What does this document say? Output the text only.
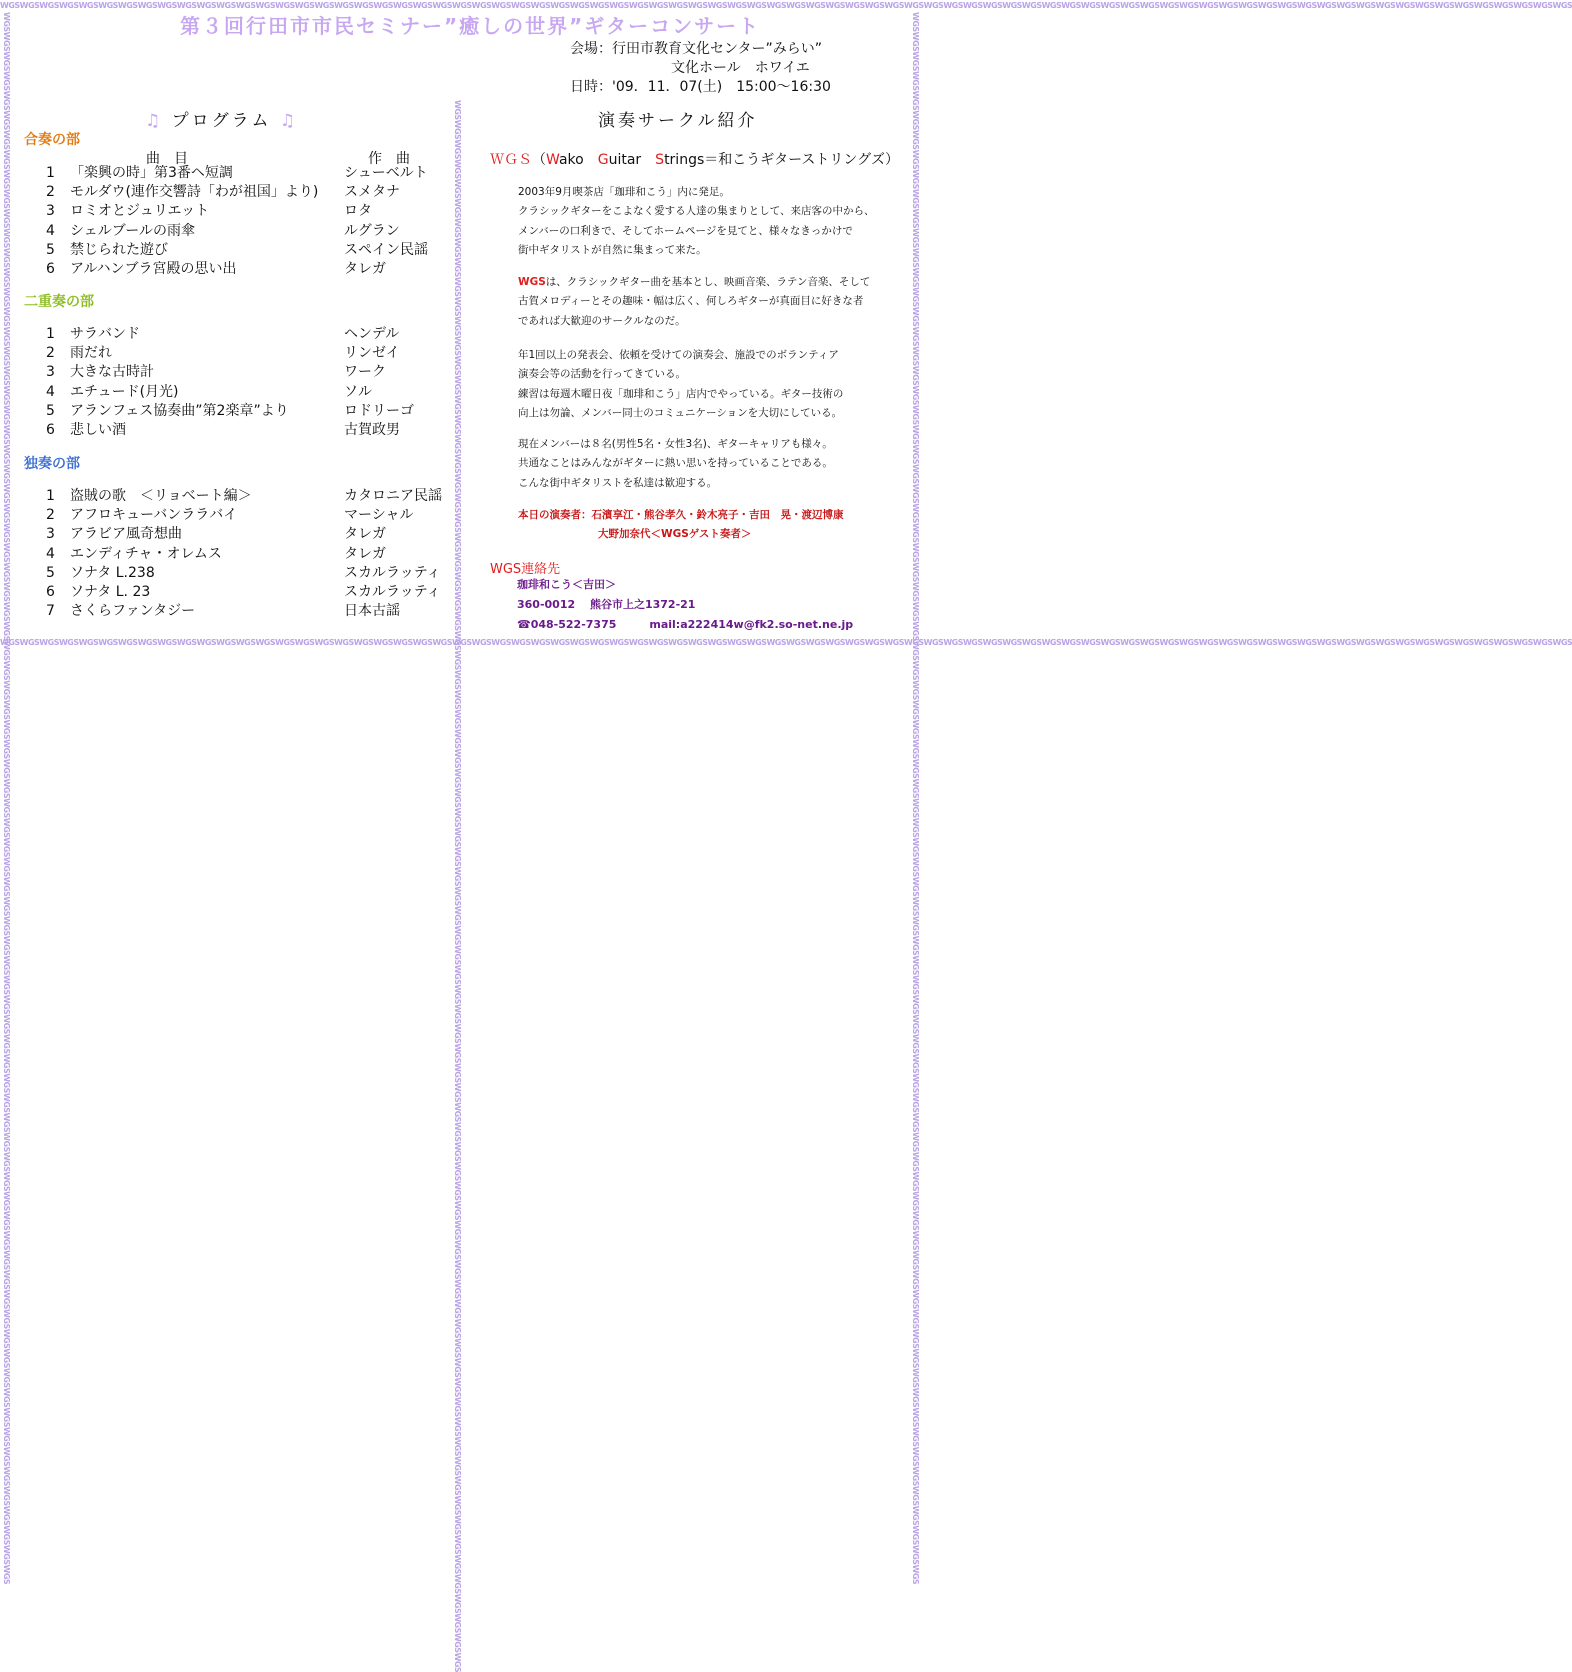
WGSWGSWGSWGSWGSWGSWGSWGSWGSWGSWGSWGSWGSWGSWGSWGSWGSWGSWGSWGSWGSWGSWGSWGSWGSWGSWGSWGSWGSWGSWGSWGSWGSWGSWGSWGSWGSWGSWGSWGSWGSWGSWGSWGSWGSWGSWGSWGSWGSWGSWGSWGSWGSWGSWGSWGSWGSWGSWGSWGSWGSWGSWGSWGSWGSWGSWGSWGSWGSWGSWGSWGSWGSWGSWGSWGSWGSWGSWGSWGS
WGSWGSWGSWGSWGSWGSWGSWGSWGSWGSWGSWGSWGSWGSWGSWGSWGSWGSWGSWGSWGSWGSWGSWGSWGSWGSWGSWGSWGSWGSWGSWGSWGSWGSWGSWGSWGSWGSWGSWGSWGSWGSWGSWGSWGSWGSWGSWGSWGSWGSWGSWGSWGSWGSWGSWGSWGSWGSWGSWGSWGSWGSWGSWGSWGSWGSWGSWGSWGSWGSWGSWGSWGSWGSWGSWGSWGSWGSWGSWGS
WGSWGSWGSWGSWGSWGSWGSWGSWGSWGSWGSWGSWGSWGSWGSWGSWGSWGSWGSWGSWGSWGSWGSWGSWGSWGSWGSWGSWGSWGSWGSWGSWGSWGSWGSWGSWGSWGSWGSWGSWGSWGSWGSWGSWGSWGSWGSWGSWGSWGSWGSWGSWGSWGSWGSWGSWGSWGSWGSWGSWGSWGSWGSWGSWGSWGSWGSWGSWGSWGSWGSWGSWGSWGSWGSWGSWGSWGSWGSWGS	WGSWGSWGSWGSWGSWGSWGSWGSWGSWGSWGSWGSWGSWGSWGSWGSWGSWGSWGSWGSWGSWGSWGSWGSWGSWGSWGSWGSWGSWGSWGSWGSWGSWGSWGSWGSWGSWGSWGSWGSWGSWGSWGSWGSWGSWGSWGSWGSWGSWGSWGSWGSWGSWGSWGSWGSWGSWGSWGSWGSWGSWGSWGSWGSWGSWGSWGSWGSWGSWGSWGSWGSWGSWGSWGSWGSWGSWGSWGSWGS
WGSWGSWGSWGSWGSWGSWGSWGSWGSWGSWGSWGSWGSWGSWGSWGSWGSWGSWGSWGSWGSWGSWGSWGSWGSWGSWGSWGSWGSWGSWGSWGSWGSWGSWGSWGSWGSWGSWGSWGSWGSWGSWGSWGSWGSWGSWGSWGSWGSWGSWGSWGSWGSWGSWGSWGSWGSWGSWGSWGSWGSWGSWGSWGSWGSWGSWGSWGSWGSWGSWGSWGSWGSWGSWGSWGSWGSWGSWGSWGS
第３回行田市市民セミナー”癒しの世界”ギターコンサート
会場：行田市教育文化センター”みらい”
文化ホール　ホワイエ
日時：'09．11．07(土)　15:00～16:30
♫ プログラム ♫
合奏の部
曲目	作曲
1	「楽興の時」第3番ヘ短調	シューベルト
2	モルダウ(連作交響詩「わが祖国」より)	スメタナ
3	ロミオとジュリエット	ロタ
4	シェルブールの雨傘	ルグラン
5	禁じられた遊び	スペイン民謡
6	アルハンブラ宮殿の思い出	タレガ
二重奏の部
1	サラバンド	ヘンデル
2	雨だれ	リンゼイ
3	大きな古時計	ワーク
4	エチュード(月光)	ソル
5	アランフェス協奏曲”第2楽章”より	ロドリーゴ
6	悲しい酒	古賀政男
独奏の部
1	盗賊の歌　＜リョベート編＞	カタロニア民謡
2	アフロキューバンララバイ	マーシャル
3	アラビア風奇想曲	タレガ
4	エンディチャ・オレムス	タレガ
5	ソナタ L.238	スカルラッティ
6	ソナタ L. 23	スカルラッティ
7	さくらファンタジー	日本古謡
演奏サークル紹介
ＷＧＳ（Wako　Guitar　Strings＝和こうギターストリングズ）
2003年9月喫茶店「珈琲和こう」内に発足。
クラシックギターをこよなく愛する人達の集まりとして、来店客の中から、
メンバーの口利きで、そしてホームページを見てと、様々なきっかけで
街中ギタリストが自然に集まって来た。
WGSは、クラシックギター曲を基本とし、映画音楽、ラテン音楽、そして
古賀メロディーとその趣味・幅は広く、何しろギターが真面目に好きな者
であれば大歓迎のサークルなのだ。
年1回以上の発表会、依頼を受けての演奏会、施設でのボランティア
演奏会等の活動を行ってきている。
練習は毎週木曜日夜「珈琲和こう」店内でやっている。ギター技術の
向上は勿論、メンバー同士のコミュニケーションを大切にしている。
現在メンバーは８名(男性5名・女性3名)、ギターキャリアも様々。
共通なことはみんながギターに熱い思いを持っていることである。
こんな街中ギタリストを私達は歓迎する。
本日の演奏者：石濱享江・熊谷孝久・鈴木亮子・吉田　晃・渡辺博康
大野加奈代＜WGSゲスト奏者＞
WGS連絡先
珈琲和こう＜吉田＞
360-0012　 熊谷市上之1372-21
☎048-522-7375　　　mail:a222414w@fk2.so-net.ne.jp
